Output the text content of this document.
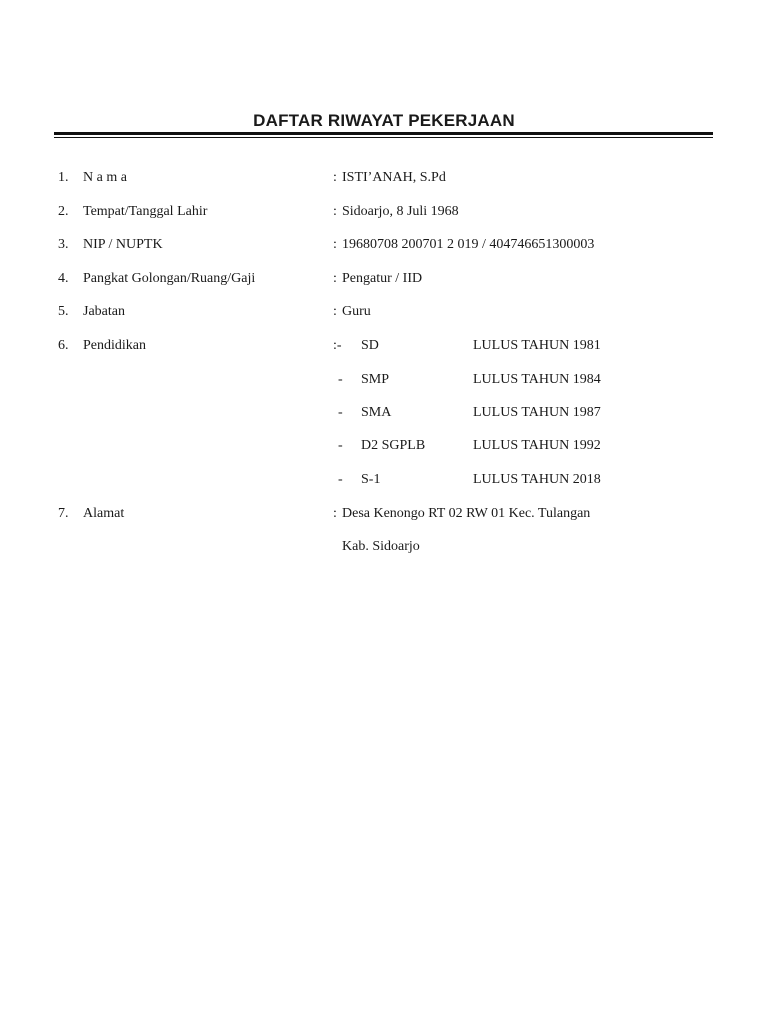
DAFTAR RIWAYAT PEKERJAAN
1. N a m a	: ISTI’ANAH, S.Pd
2. Tempat/Tanggal Lahir	: Sidoarjo, 8 Juli 1968
3. NIP / NUPTK	: 19680708 200701 2 019 / 404746651300003
4. Pangkat Golongan/Ruang/Gaji	: Pengatur / IID
5. Jabatan	: Guru
6. Pendidikan	:- SD	LULUS TAHUN 1981
- SMP	LULUS TAHUN 1984
- SMA	LULUS TAHUN 1987
- D2 SGPLB	LULUS TAHUN 1992
- S-1	LULUS TAHUN 2018
7. Alamat	: Desa Kenongo RT 02 RW 01 Kec. Tulangan
Kab. Sidoarjo
